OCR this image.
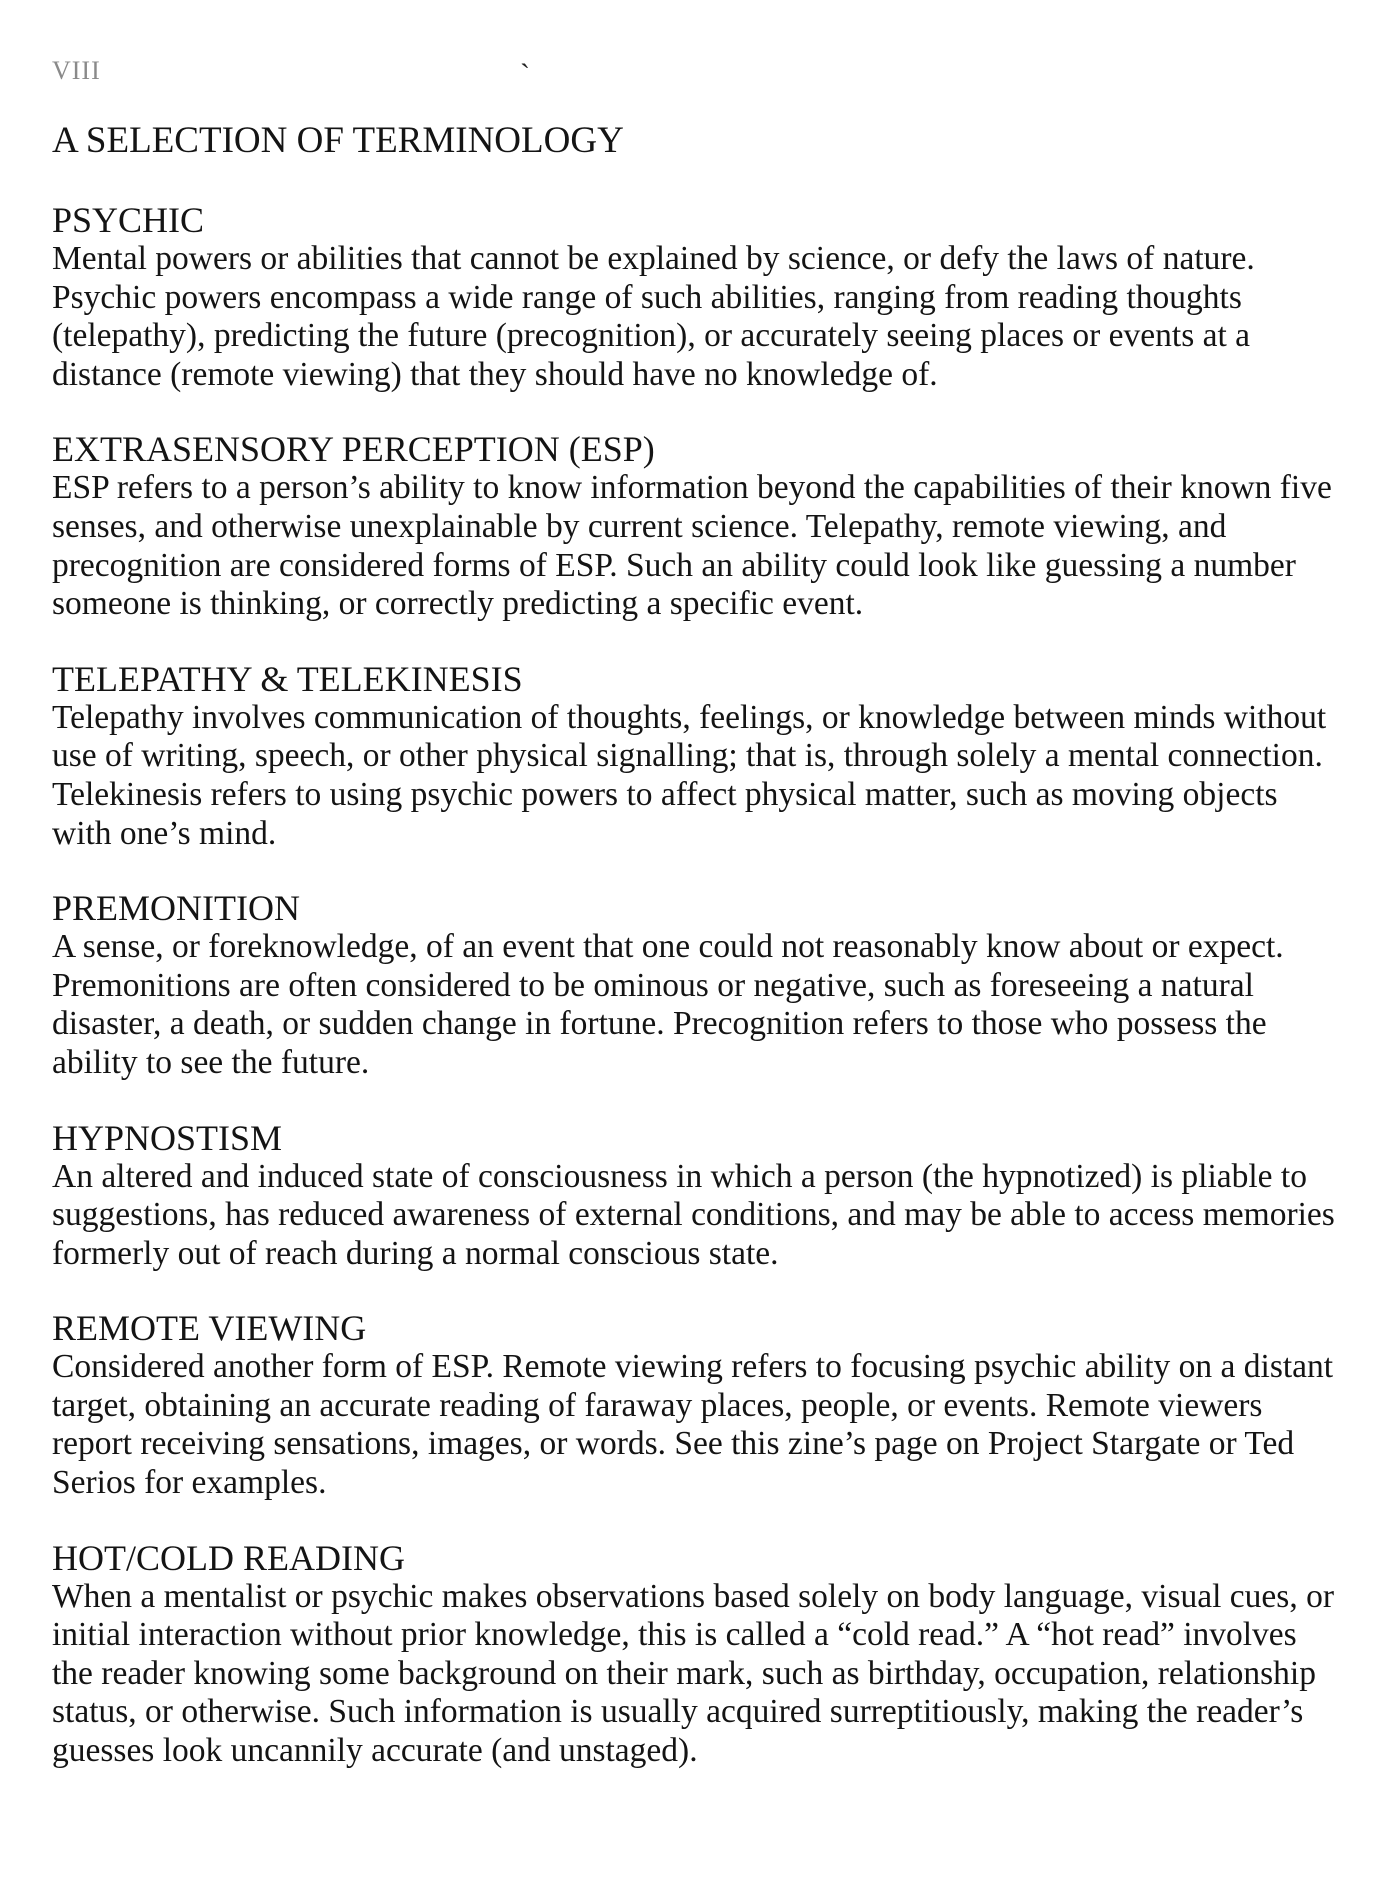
VIII	`
A SELECTION OF TERMINOLOGY
PSYCHIC

Mental powers or abilities that cannot be explained by science, or defy the laws of nature. Psychic powers encompass a wide range of such abilities, ranging from reading thoughts (telepathy), predicting the future (precognition), or accurately seeing places or events at a distance (remote viewing) that they should have no knowledge of.

EXTRASENSORY PERCEPTION (ESP)

ESP refers to a person’s ability to know information beyond the capabilities of their known five senses, and otherwise unexplainable by current science. Telepathy, remote viewing, and precognition are considered forms of ESP. Such an ability could look like guessing a number someone is thinking, or correctly predicting a specific event.

TELEPATHY & TELEKINESIS

Telepathy involves communication of thoughts, feelings, or knowledge between minds without use of writing, speech, or other physical signalling; that is, through solely a mental connection. Telekinesis refers to using psychic powers to affect physical matter, such as moving objects with one’s mind.

PREMONITION

A sense, or foreknowledge, of an event that one could not reasonably know about or expect. Premonitions are often considered to be ominous or negative, such as foreseeing a natural disaster, a death, or sudden change in fortune. Precognition refers to those who possess the ability to see the future.

HYPNOSTISM

An altered and induced state of consciousness in which a person (the hypnotized) is pliable to suggestions, has reduced awareness of external conditions, and may be able to access memories formerly out of reach during a normal conscious state.

REMOTE VIEWING

Considered another form of ESP. Remote viewing refers to focusing psychic ability on a distant target, obtaining an accurate reading of faraway places, people, or events. Remote viewers report receiving sensations, images, or words. See this zine’s page on Project Stargate or Ted Serios for examples.

HOT/COLD READING

When a mentalist or psychic makes observations based solely on body language, visual cues, or initial interaction without prior knowledge, this is called a “cold read.” A “hot read” involves the reader knowing some background on their mark, such as birthday, occupation, relationship status, or otherwise. Such information is usually acquired surreptitiously, making the reader’s guesses look uncannily accurate (and unstaged).
